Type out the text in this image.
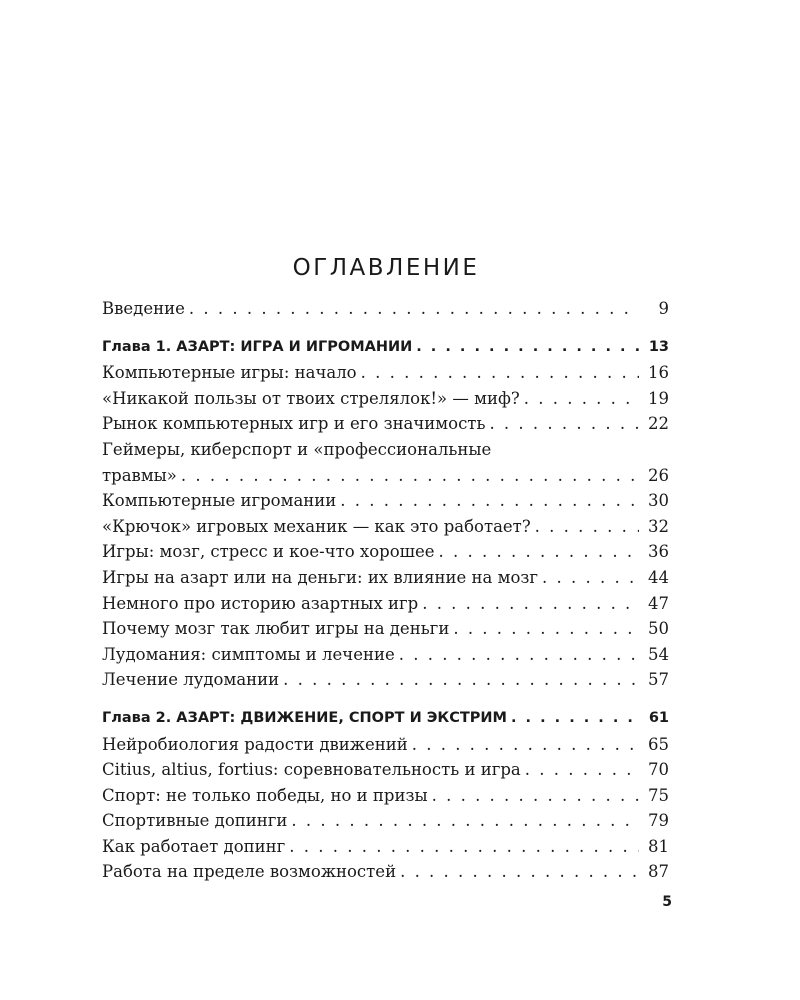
ОГЛАВЛЕНИЕ
Введение . . .	9
Глава 1. АЗАРТ: ИГРА И ИГРОМАНИИ . . .	13
Компьютерные игры: начало . . .	16
«Никакой пользы от твоих стрелялок!» — миф? . . .	19
Рынок компьютерных игр и его значимость . . .	22
Геймеры, киберспорт и «профессиональные
травмы» . . .	26
Компьютерные игромании . . .	30
«Крючок» игровых механик — как это работает? . . .	32
Игры: мозг, стресс и кое-что хорошее . . .	36
Игры на азарт или на деньги: их влияние на мозг . . .	44
Немного про историю азартных игр . . .	47
Почему мозг так любит игры на деньги . . .	50
Лудомания: симптомы и лечение . . .	54
Лечение лудомании . . .	57
Глава 2. АЗАРТ: ДВИЖЕНИЕ, СПОРТ И ЭКСТРИМ . . .	61
Нейробиология радости движений . . .	65
Citius, altius, fortius: соревновательность и игра . . .	70
Спорт: не только победы, но и призы . . .	75
Спортивные допинги . . .	79
Как работает допинг . . .	81
Работа на пределе возможностей . . .	87
5
